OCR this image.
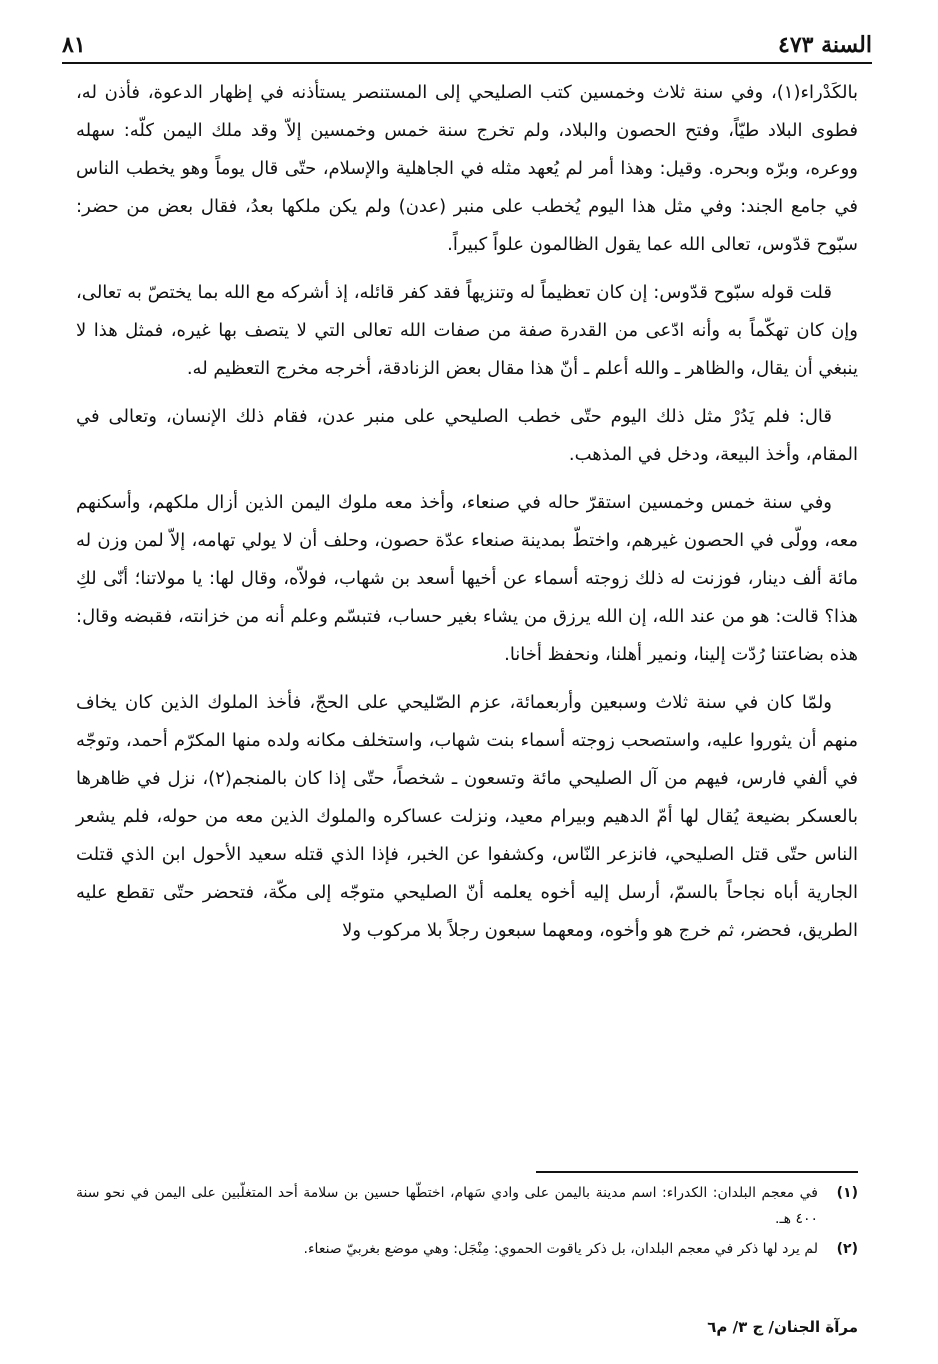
السنة ٤٧٣
٨١

بالكَدْراء(١)، وفي سنة ثلاث وخمسين كتب الصليحي إلى المستنصر يستأذنه في إظهار الدعوة، فأذن له، فطوى البلاد طيّاً، وفتح الحصون والبلاد، ولم تخرج سنة خمس وخمسين إلاّ وقد ملك اليمن كلّه: سهله ووعره، وبرّه وبحره. وقيل: وهذا أمر لم يُعهد مثله في الجاهلية والإسلام، حتّى قال يوماً وهو يخطب الناس في جامع الجند: وفي مثل هذا اليوم يُخطب على منبر (عدن) ولم يكن ملكها بعدُ، فقال بعض من حضر: سبّوح قدّوس، تعالى الله عما يقول الظالمون علواً كبيراً.

قلت قوله سبّوح قدّوس: إن كان تعظيماً له وتنزيهاً فقد كفر قائله، إذ أشركه مع الله بما يختصّ به تعالى، وإن كان تهكّماً به وأنه ادّعى من القدرة صفة من صفات الله تعالى التي لا يتصف بها غيره، فمثل هذا لا ينبغي أن يقال، والظاهر ـ والله أعلم ـ أنّ هذا مقال بعض الزنادقة، أخرجه مخرج التعظيم له.

قال: فلم يَدُرْ مثل ذلك اليوم حتّى خطب الصليحي على منبر عدن، فقام ذلك الإنسان، وتعالى في المقام، وأخذ البيعة، ودخل في المذهب.

وفي سنة خمس وخمسين استقرّ حاله في صنعاء، وأخذ معه ملوك اليمن الذين أزال ملكهم، وأسكنهم معه، وولّى في الحصون غيرهم، واختطّ بمدينة صنعاء عدّة حصون، وحلف أن لا يولي تهامه، إلاّ لمن وزن له مائة ألف دينار، فوزنت له ذلك زوجته أسماء عن أخيها أسعد بن شهاب، فولاّه، وقال لها: يا مولاتنا؛ أنّى لكِ هذا؟ قالت: هو من عند الله، إن الله يرزق من يشاء بغير حساب، فتبسّم وعلم أنه من خزانته، فقبضه وقال: هذه بضاعتنا رُدّت إلينا، ونمير أهلنا، ونحفظ أخانا.

ولمّا كان في سنة ثلاث وسبعين وأربعمائة، عزم الصّليحي على الحجّ، فأخذ الملوك الذين كان يخاف منهم أن يثوروا عليه، واستصحب زوجته أسماء بنت شهاب، واستخلف مكانه ولده منها المكرّم أحمد، وتوجّه في ألفي فارس، فيهم من آل الصليحي مائة وتسعون ـ شخصاً، حتّى إذا كان بالمنجم(٢)، نزل في ظاهرها بالعسكر بضيعة يُقال لها أمّ الدهيم وبيرام معيد، ونزلت عساكره والملوك الذين معه من حوله، فلم يشعر الناس حتّى قتل الصليحي، فانزعر النّاس، وكشفوا عن الخبر، فإذا الذي قتله سعيد الأحول ابن الذي قتلت الجارية أباه نجاحاً بالسمّ، أرسل إليه أخوه يعلمه أنّ الصليحي متوجّه إلى مكّة، فتحضر حتّى تقطع عليه الطريق، فحضر، ثم خرج هو وأخوه، ومعهما سبعون رجلاً بلا مركوب ولا

(١)
في معجم البلدان: الكدراء: اسم مدينة باليمن على وادي سَهام، اختطّها حسين بن سلامة أحد المتغلّبين على اليمن في نحو سنة ٤٠٠ هـ.
(٢)
لم يرد لها ذكر في معجم البلدان، بل ذكر ياقوت الحموي: مِنْجَل: وهي موضع بغربيّ صنعاء.
مرآة الجنان/ ج ٣/ م٦
